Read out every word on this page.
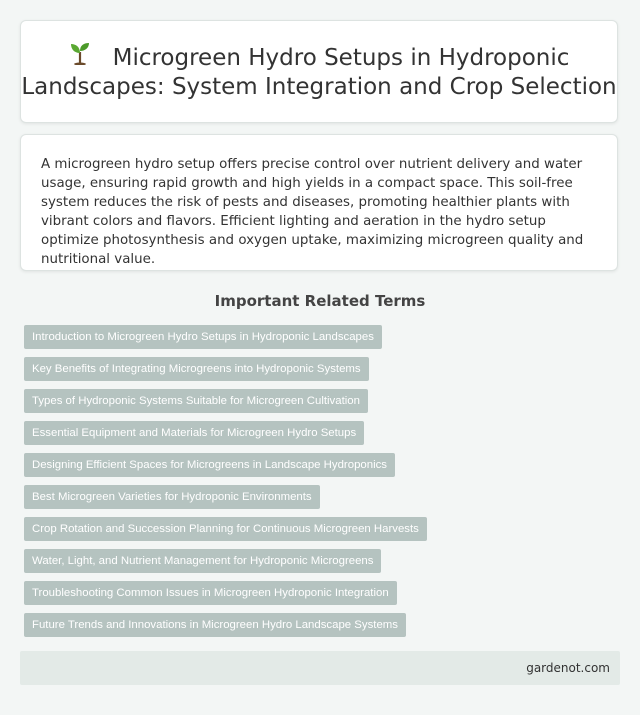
Microgreen Hydro Setups in Hydroponic Landscapes: System Integration and Crop Selection

A microgreen hydro setup offers precise control over nutrient delivery and water usage, ensuring rapid growth and high yields in a compact space. This soil-free system reduces the risk of pests and diseases, promoting healthier plants with vibrant colors and flavors. Efficient lighting and aeration in the hydro setup optimize photosynthesis and oxygen uptake, maximizing microgreen quality and nutritional value.

Important Related Terms
Introduction to Microgreen Hydro Setups in Hydroponic Landscapes
Key Benefits of Integrating Microgreens into Hydroponic Systems
Types of Hydroponic Systems Suitable for Microgreen Cultivation
Essential Equipment and Materials for Microgreen Hydro Setups
Designing Efficient Spaces for Microgreens in Landscape Hydroponics
Best Microgreen Varieties for Hydroponic Environments
Crop Rotation and Succession Planning for Continuous Microgreen Harvests
Water, Light, and Nutrient Management for Hydroponic Microgreens
Troubleshooting Common Issues in Microgreen Hydroponic Integration
Future Trends and Innovations in Microgreen Hydro Landscape Systems
gardenot.com
